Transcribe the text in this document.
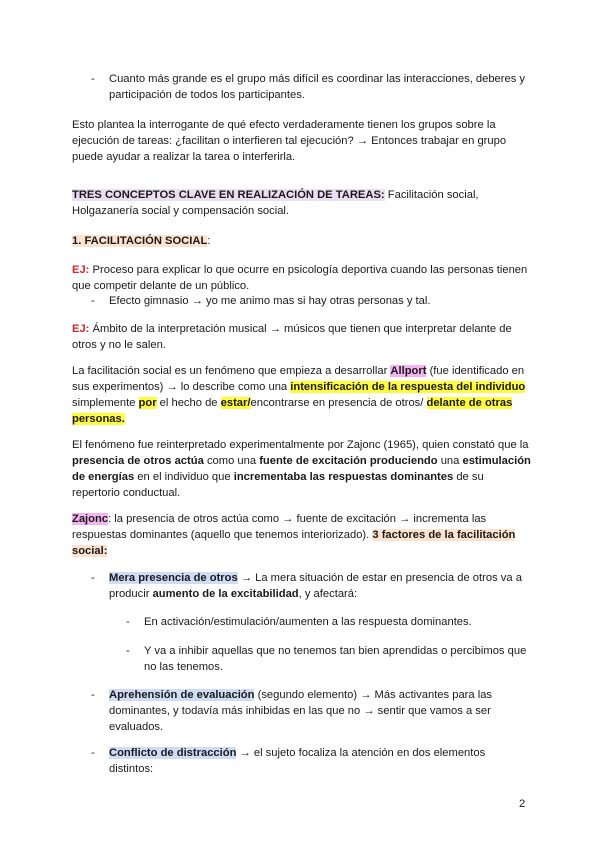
- Cuanto más grande es el grupo más difícil es coordinar las interacciones, deberes y participación de todos los participantes.

Esto plantea la interrogante de qué efecto verdaderamente tienen los grupos sobre la ejecución de tareas: ¿facilitan o interfieren tal ejecución? → Entonces trabajar en grupo puede ayudar a realizar la tarea o interferirla.

TRES CONCEPTOS CLAVE EN REALIZACIÓN DE TAREAS: Facilitación social, Holgazanería social y compensación social.

1. FACILITACIÓN SOCIAL:

EJ: Proceso para explicar lo que ocurre en psicología deportiva cuando las personas tienen que competir delante de un público.

- Efecto gimnasio → yo me animo mas si hay otras personas y tal.

EJ: Ámbito de la interpretación musical → músicos que tienen que interpretar delante de otros y no le salen.

La facilitación social es un fenómeno que empieza a desarrollar Allport (fue identificado en sus experimentos) → lo describe como una intensificación de la respuesta del individuo simplemente por el hecho de estar/encontrarse en presencia de otros/ delante de otras personas.

El fenómeno fue reinterpretado experimentalmente por Zajonc (1965), quien constató que la presencia de otros actúa como una fuente de excitación produciendo una estimulación de energías en el individuo que incrementaba las respuestas dominantes de su repertorio conductual.

Zajonc: la presencia de otros actúa como → fuente de excitación → incrementa las respuestas dominantes (aquello que tenemos interiorizado). 3 factores de la facilitación social:

- Mera presencia de otros → La mera situación de estar en presencia de otros va a producir aumento de la excitabilidad, y afectará:
- En activación/estimulación/aumenten a las respuesta dominantes.
- Y va a inhibir aquellas que no tenemos tan bien aprendidas o percibimos que no las tenemos.
- Aprehensión de evaluación (segundo elemento) → Más activantes para las dominantes, y todavía más inhibidas en las que no → sentir que vamos a ser evaluados.
- Conflicto de distracción → el sujeto focaliza la atención en dos elementos distintos:
2
